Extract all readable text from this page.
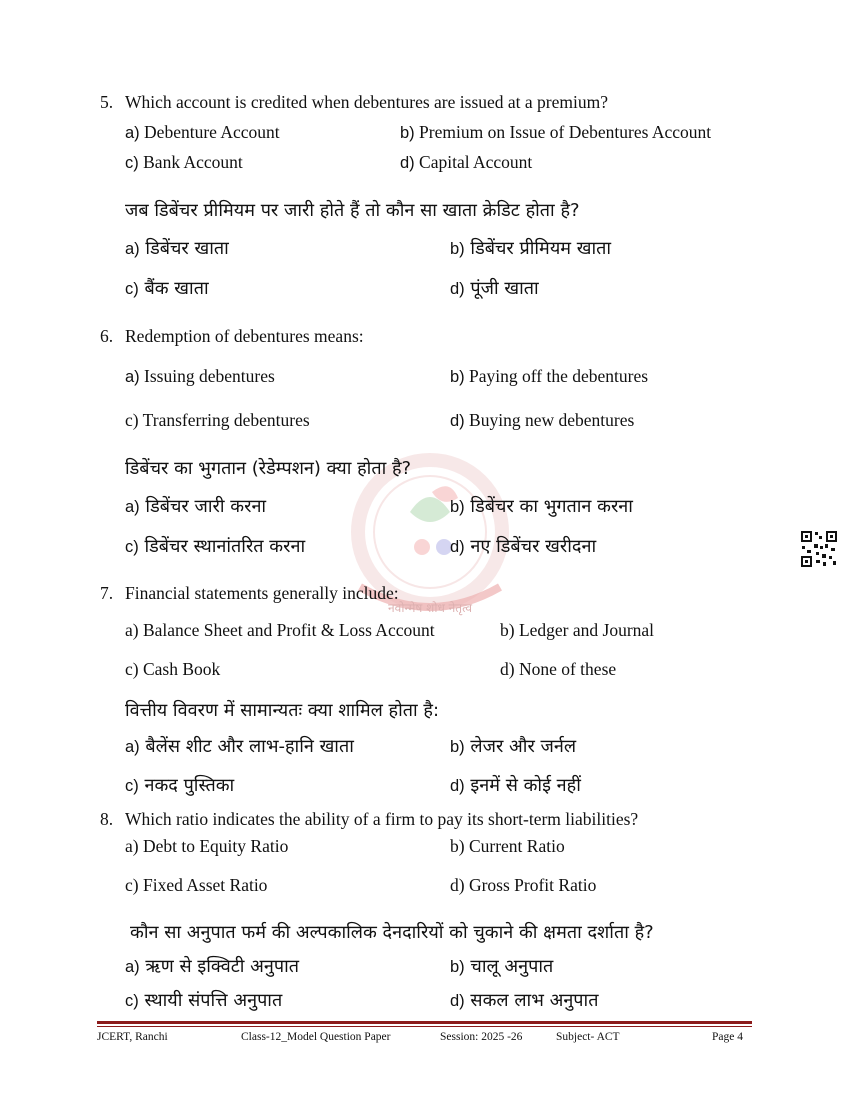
नवोन्मेष शोध नेतृत्व
5. Which account is credited when debentures are issued at a premium?
a) Debenture Account	b) Premium on Issue of Debentures Account
c) Bank Account	d) Capital Account
जब डिबेंचर प्रीमियम पर जारी होते हैं तो कौन सा खाता क्रेडिट होता है?
a) डिबेंचर खाता	b) डिबेंचर प्रीमियम खाता
c) बैंक खाता	d) पूंजी खाता
6. Redemption of debentures means:
a) Issuing debentures	b) Paying off the debentures
c) Transferring debentures	d) Buying new debentures
डिबेंचर का भुगतान (रेडेम्पशन) क्या होता है?
a) डिबेंचर जारी करना	b) डिबेंचर का भुगतान करना
c) डिबेंचर स्थानांतरित करना	d) नए डिबेंचर खरीदना
7. Financial statements generally include:
a) Balance Sheet and Profit & Loss Account	b) Ledger and Journal
c) Cash Book	d) None of these
वित्तीय विवरण में सामान्यतः क्या शामिल होता है:
a) बैलेंस शीट और लाभ-हानि खाता	b) लेजर और जर्नल
c) नकद पुस्तिका	d) इनमें से कोई नहीं
8. Which ratio indicates the ability of a firm to pay its short-term liabilities?
a) Debt to Equity Ratio	b) Current Ratio
c) Fixed Asset Ratio	d) Gross Profit Ratio
कौन सा अनुपात फर्म की अल्पकालिक देनदारियों को चुकाने की क्षमता दर्शाता है?
a) ऋण से इक्विटी अनुपात	b) चालू अनुपात
c) स्थायी संपत्ति अनुपात	d) सकल लाभ अनुपात
JCERT, Ranchi	Class-12_Model Question Paper	Session: 2025 -26	Subject- ACT	Page 4
